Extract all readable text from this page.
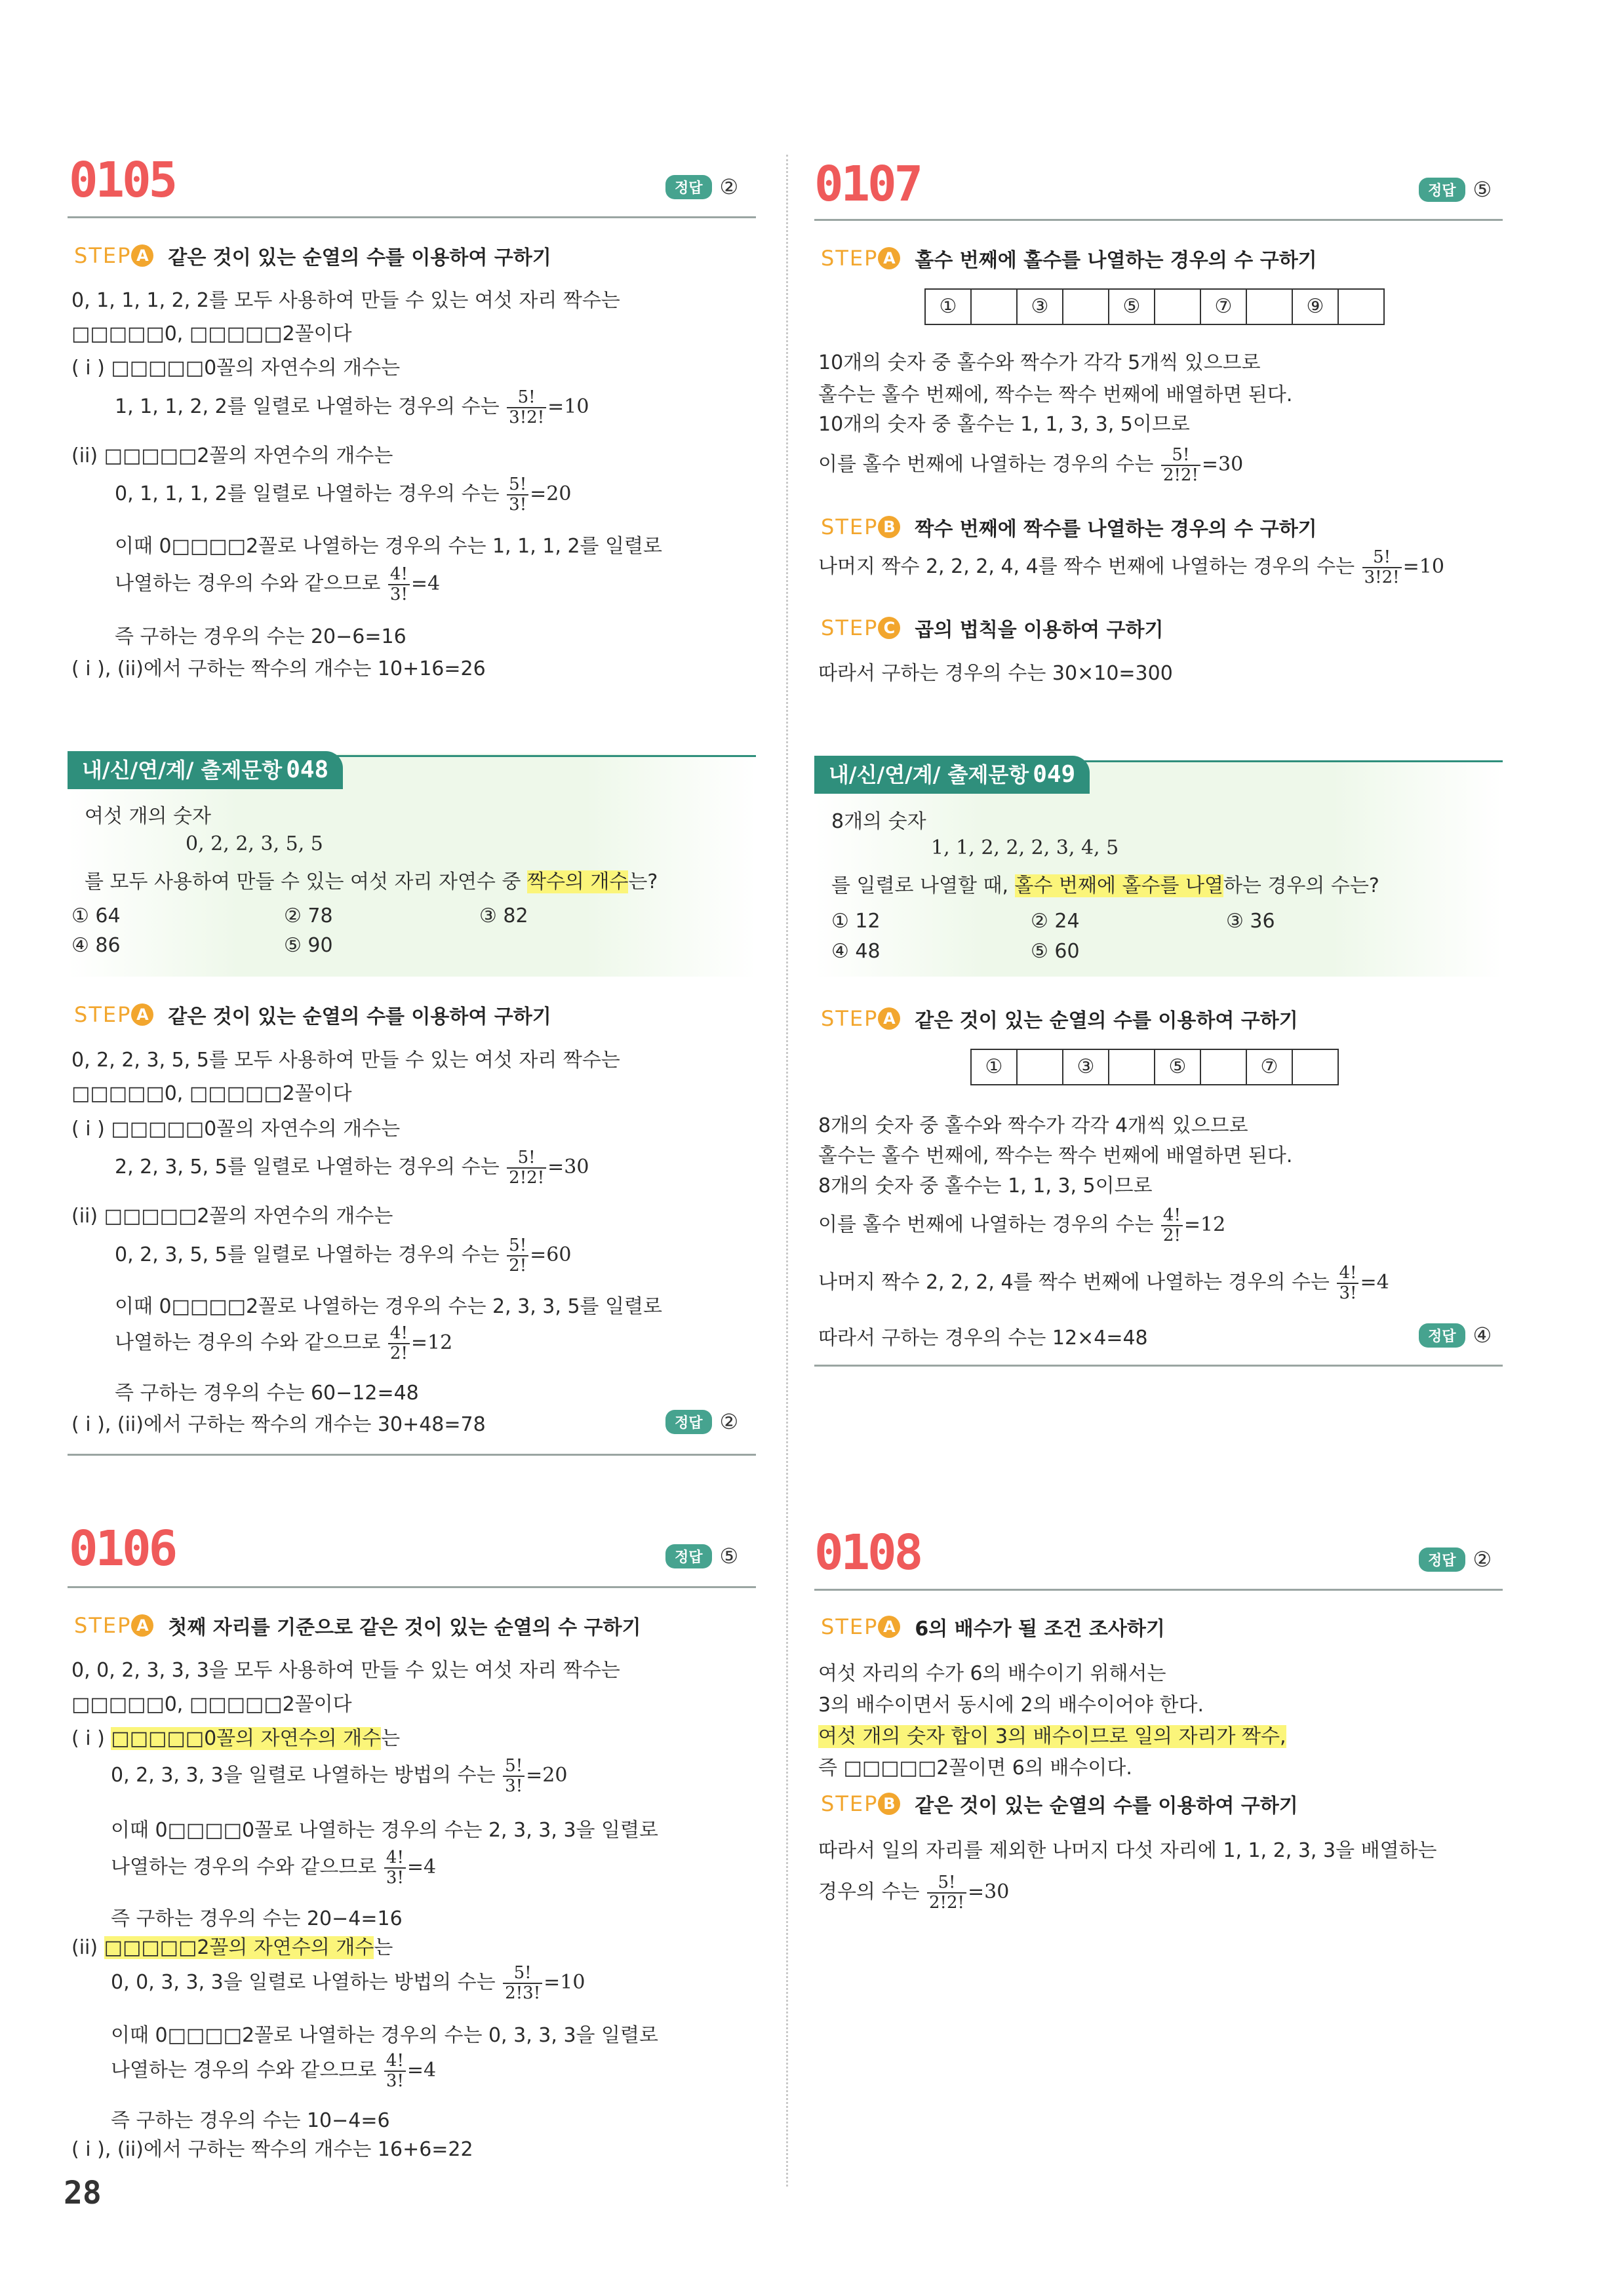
0105	정답 ②
STEP A 같은 것이 있는 순열의 수를 이용하여 구하기
0, 1, 1, 1, 2, 2를 모두 사용하여 만들 수 있는 여섯 자리 짝수는
□□□□□0, □□□□□2꼴이다
( i ) □□□□□0꼴의 자연수의 개수는
1, 1, 1, 2, 2를 일렬로 나열하는 경우의 수는 $\frac{5!}{3!2!} =10$
(ii) □□□□□2꼴의 자연수의 개수는
0, 1, 1, 1, 2를 일렬로 나열하는 경우의 수는 $\frac{5!}{3!} =20$
이때 0□□□□2꼴로 나열하는 경우의 수는 1, 1, 1, 2를 일렬로
나열하는 경우의 수와 같으므로 $\frac{4!}{3!} =4$
즉 구하는 경우의 수는 20−6=16
( i ), (ii)에서 구하는 짝수의 개수는 10+16=26
내/신/연/계/ 출제문항 048
여섯 개의 숫자
0, 2, 2, 3, 5, 5
를 모두 사용하여 만들 수 있는 여섯 자리 자연수 중 짝수의 개수는?
① 64	② 78	③ 82
④ 86	⑤ 90
STEP A 같은 것이 있는 순열의 수를 이용하여 구하기
0, 2, 2, 3, 5, 5를 모두 사용하여 만들 수 있는 여섯 자리 짝수는
□□□□□0, □□□□□2꼴이다
( i ) □□□□□0꼴의 자연수의 개수는
2, 2, 3, 5, 5를 일렬로 나열하는 경우의 수는 $\frac{5!}{2!2!} =30$
(ii) □□□□□2꼴의 자연수의 개수는
0, 2, 3, 5, 5를 일렬로 나열하는 경우의 수는 $\frac{5!}{2!} =60$
이때 0□□□□2꼴로 나열하는 경우의 수는 2, 3, 3, 5를 일렬로
나열하는 경우의 수와 같으므로 $\frac{4!}{2!} =12$
즉 구하는 경우의 수는 60−12=48
( i ), (ii)에서 구하는 짝수의 개수는 30+48=78	정답 ②
0106	정답 ⑤
STEP A 첫째 자리를 기준으로 같은 것이 있는 순열의 수 구하기
0, 0, 2, 3, 3, 3을 모두 사용하여 만들 수 있는 여섯 자리 짝수는
□□□□□0, □□□□□2꼴이다
( i ) □□□□□0꼴의 자연수의 개수는
0, 2, 3, 3, 3을 일렬로 나열하는 방법의 수는 $\frac{5!}{3!} =20$
이때 0□□□□0꼴로 나열하는 경우의 수는 2, 3, 3, 3을 일렬로
나열하는 경우의 수와 같으므로 $\frac{4!}{3!} =4$
즉 구하는 경우의 수는 20−4=16
(ii) □□□□□2꼴의 자연수의 개수는
0, 0, 3, 3, 3을 일렬로 나열하는 방법의 수는 $\frac{5!}{2!3!} =10$
이때 0□□□□2꼴로 나열하는 경우의 수는 0, 3, 3, 3을 일렬로
나열하는 경우의 수와 같으므로 $\frac{4!}{3!} =4$
즉 구하는 경우의 수는 10−4=6
( i ), (ii)에서 구하는 짝수의 개수는 16+6=22
0107	정답 ⑤
STEP A 홀수 번째에 홀수를 나열하는 경우의 수 구하기
①	③	⑤	⑦	⑨
10개의 숫자 중 홀수와 짝수가 각각 5개씩 있으므로
홀수는 홀수 번째에, 짝수는 짝수 번째에 배열하면 된다.
10개의 숫자 중 홀수는 1, 1, 3, 3, 5이므로
이를 홀수 번째에 나열하는 경우의 수는 $\frac{5!}{2!2!} =30$
STEP B 짝수 번째에 짝수를 나열하는 경우의 수 구하기
나머지 짝수 2, 2, 2, 4, 4를 짝수 번째에 나열하는 경우의 수는 $\frac{5!}{3!2!} =10$
STEP C 곱의 법칙을 이용하여 구하기
따라서 구하는 경우의 수는 30×10=300
내/신/연/계/ 출제문항 049
8개의 숫자
1, 1, 2, 2, 2, 3, 4, 5
를 일렬로 나열할 때, 홀수 번째에 홀수를 나열하는 경우의 수는?
① 12	② 24	③ 36
④ 48	⑤ 60
STEP A 같은 것이 있는 순열의 수를 이용하여 구하기
①	③	⑤	⑦
8개의 숫자 중 홀수와 짝수가 각각 4개씩 있으므로
홀수는 홀수 번째에, 짝수는 짝수 번째에 배열하면 된다.
8개의 숫자 중 홀수는 1, 1, 3, 5이므로
이를 홀수 번째에 나열하는 경우의 수는 $\frac{4!}{2!} =12$
나머지 짝수 2, 2, 2, 4를 짝수 번째에 나열하는 경우의 수는 $\frac{4!}{3!} =4$
따라서 구하는 경우의 수는 12×4=48	정답 ④
0108	정답 ②
STEP A 6의 배수가 될 조건 조사하기
여섯 자리의 수가 6의 배수이기 위해서는
3의 배수이면서 동시에 2의 배수이어야 한다.
여섯 개의 숫자 합이 3의 배수이므로 일의 자리가 짝수,
즉 □□□□□2꼴이면 6의 배수이다.
STEP B 같은 것이 있는 순열의 수를 이용하여 구하기
따라서 일의 자리를 제외한 나머지 다섯 자리에 1, 1, 2, 3, 3을 배열하는
경우의 수는 $\frac{5!}{2!2!} =30$
28
